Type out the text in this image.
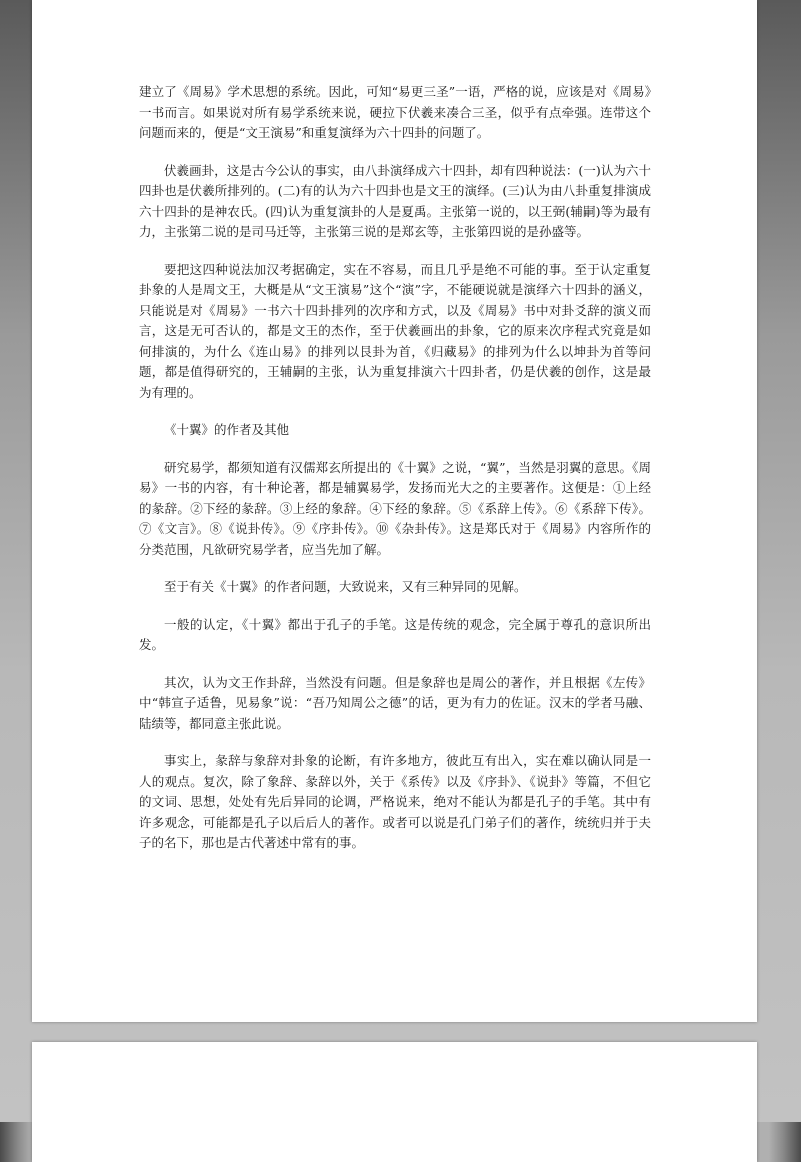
建立了《周易》学术思想的系统。因此，可知“易更三圣”一语，严格的说，应该是对《周易》一书而言。如果说对所有易学系统来说，硬拉下伏羲来凑合三圣，似乎有点牵强。连带这个问题而来的，便是“文王演易”和重复演绎为六十四卦的问题了。

伏羲画卦，这是古今公认的事实，由八卦演绎成六十四卦，却有四种说法：(一)认为六十四卦也是伏羲所排列的。(二)有的认为六十四卦也是文王的演绎。(三)认为由八卦重复排演成六十四卦的是神农氏。(四)认为重复演卦的人是夏禹。主张第一说的，以王弼(辅嗣)等为最有力，主张第二说的是司马迁等，主张第三说的是郑玄等，主张第四说的是孙盛等。

要把这四种说法加汉考据确定，实在不容易，而且几乎是绝不可能的事。至于认定重复卦象的人是周文王，大概是从“文王演易”这个“演”字，不能硬说就是演绎六十四卦的涵义，只能说是对《周易》一书六十四卦排列的次序和方式，以及《周易》书中对卦爻辞的演义而言，这是无可否认的，都是文王的杰作，至于伏羲画出的卦象，它的原来次序程式究竟是如何排演的，为什么《连山易》的排列以艮卦为首，《归藏易》的排列为什么以坤卦为首等问题，都是值得研究的，王辅嗣的主张，认为重复排演六十四卦者，仍是伏羲的创作，这是最为有理的。

《十翼》的作者及其他

研究易学，都须知道有汉儒郑玄所提出的《十翼》之说，“翼”，当然是羽翼的意思。《周易》一书的内容，有十种论著，都是辅翼易学，发扬而光大之的主要著作。这便是：①上经的彖辞。②下经的彖辞。③上经的象辞。④下经的象辞。⑤《系辞上传》。⑥《系辞下传》。⑦《文言》。⑧《说卦传》。⑨《序卦传》。⑩《杂卦传》。这是郑氏对于《周易》内容所作的分类范围，凡欲研究易学者，应当先加了解。

至于有关《十翼》的作者问题，大致说来，又有三种异同的见解。

一般的认定，《十翼》都出于孔子的手笔。这是传统的观念，完全属于尊孔的意识所出发。

其次，认为文王作卦辞，当然没有问题。但是象辞也是周公的著作，并且根据《左传》中“韩宣子适鲁，见易象”说：“吾乃知周公之德”的话，更为有力的佐证。汉末的学者马融、陆绩等，都同意主张此说。

事实上，彖辞与象辞对卦象的论断，有许多地方，彼此互有出入，实在难以确认同是一人的观点。复次，除了象辞、彖辞以外，关于《系传》以及《序卦》、《说卦》等篇，不但它的文词、思想，处处有先后异同的论调，严格说来，绝对不能认为都是孔子的手笔。其中有许多观念，可能都是孔子以后后人的著作。或者可以说是孔门弟子们的著作，统统归并于夫子的名下，那也是古代著述中常有的事。
